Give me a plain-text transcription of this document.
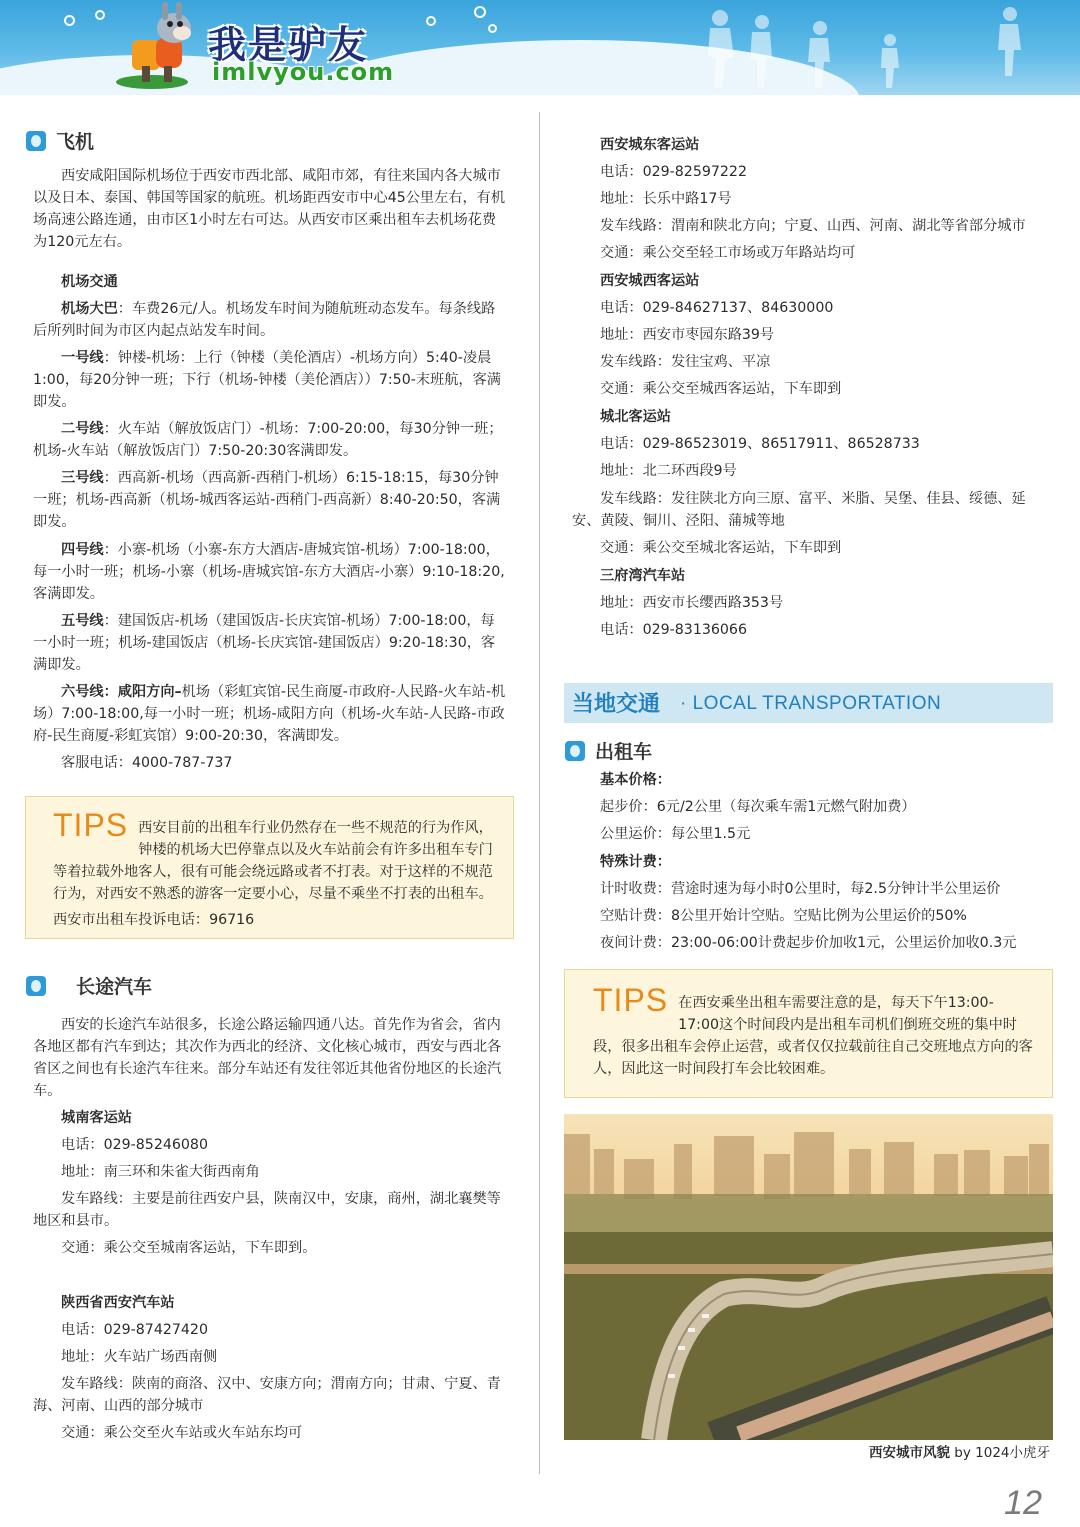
我是驴友
imlvyou.com
飞机
西安咸阳国际机场位于西安市西北部、咸阳市郊，有往来国内各大城市以及日本、泰国、韩国等国家的航班。机场距西安市中心45公里左右，有机场高速公路连通，由市区1小时左右可达。从西安市区乘出租车去机场花费为120元左右。
机场交通
机场大巴：车费26元/人。机场发车时间为随航班动态发车。每条线路后所列时间为市区内起点站发车时间。
一号线：钟楼-机场：上行（钟楼（美伦酒店）-机场方向）5:40-凌晨1:00，每20分钟一班；下行（机场-钟楼（美伦酒店））7:50-末班航，客满即发。
二号线：火车站（解放饭店门）-机场：7:00-20:00，每30分钟一班；机场-火车站（解放饭店门）7:50-20:30客满即发。
三号线：西高新-机场（西高新-西稍门-机场）6:15-18:15，每30分钟一班；机场-西高新（机场-城西客运站-西稍门-西高新）8:40-20:50，客满即发。
四号线：小寨-机场（小寨-东方大酒店-唐城宾馆-机场）7:00-18:00，每一小时一班；机场-小寨（机场-唐城宾馆-东方大酒店-小寨）9:10-18:20,客满即发。
五号线：建国饭店-机场（建国饭店-长庆宾馆-机场）7:00-18:00，每一小时一班；机场-建国饭店（机场-长庆宾馆-建国饭店）9:20-18:30，客满即发。
六号线：咸阳方向–机场（彩虹宾馆-民生商厦-市政府-人民路-火车站-机场）7:00-18:00,每一小时一班；机场-咸阳方向（机场-火车站-人民路-市政府-民生商厦-彩虹宾馆）9:00-20:30，客满即发。
客服电话：4000-787-737
TIPS 西安目前的出租车行业仍然存在一些不规范的行为作风，钟楼的机场大巴停靠点以及火车站前会有许多出租车专门等着拉载外地客人，很有可能会绕远路或者不打表。对于这样的不规范行为，对西安不熟悉的游客一定要小心，尽量不乘坐不打表的出租车。
西安市出租车投诉电话：96716
长途汽车
西安的长途汽车站很多，长途公路运输四通八达。首先作为省会，省内各地区都有汽车到达；其次作为西北的经济、文化核心城市，西安与西北各省区之间也有长途汽车往来。部分车站还有发往邻近其他省份地区的长途汽车。
城南客运站
电话：029-85246080
地址：南三环和朱雀大街西南角
发车路线：主要是前往西安户县，陕南汉中，安康，商州，湖北襄樊等地区和县市。
交通：乘公交至城南客运站，下车即到。
陕西省西安汽车站
电话：029-87427420
地址：火车站广场西南侧
发车路线：陕南的商洛、汉中、安康方向；渭南方向；甘肃、宁夏、青海、河南、山西的部分城市
交通：乘公交至火车站或火车站东均可
西安城东客运站
电话：029-82597222
地址：长乐中路17号
发车线路：渭南和陕北方向；宁夏、山西、河南、湖北等省部分城市
交通：乘公交至轻工市场或万年路站均可
西安城西客运站
电话：029-84627137、84630000
地址：西安市枣园东路39号
发车线路：发往宝鸡、平凉
交通：乘公交至城西客运站，下车即到
城北客运站
电话：029-86523019、86517911、86528733
地址：北二环西段9号
发车线路：发往陕北方向三原、富平、米脂、吴堡、佳县、绥德、延安、黄陵、铜川、泾阳、蒲城等地
交通：乘公交至城北客运站，下车即到
三府湾汽车站
地址：西安市长缨西路353号
电话：029-83136066
当地交通 · LOCAL TRANSPORTATION
出租车
基本价格：
起步价：6元/2公里（每次乘车需1元燃气附加费）
公里运价：每公里1.5元
特殊计费：
计时收费：营途时速为每小时0公里时，每2.5分钟计半公里运价
空贴计费：8公里开始计空贴。空贴比例为公里运价的50%
夜间计费：23:00-06:00计费起步价加收1元，公里运价加收0.3元
TIPS 在西安乘坐出租车需要注意的是，每天下午13:00-17:00这个时间段内是出租车司机们倒班交班的集中时段，很多出租车会停止运营，或者仅仅拉载前往自己交班地点方向的客人，因此这一时间段打车会比较困难。
西安城市风貌 by 1024小虎牙
12
